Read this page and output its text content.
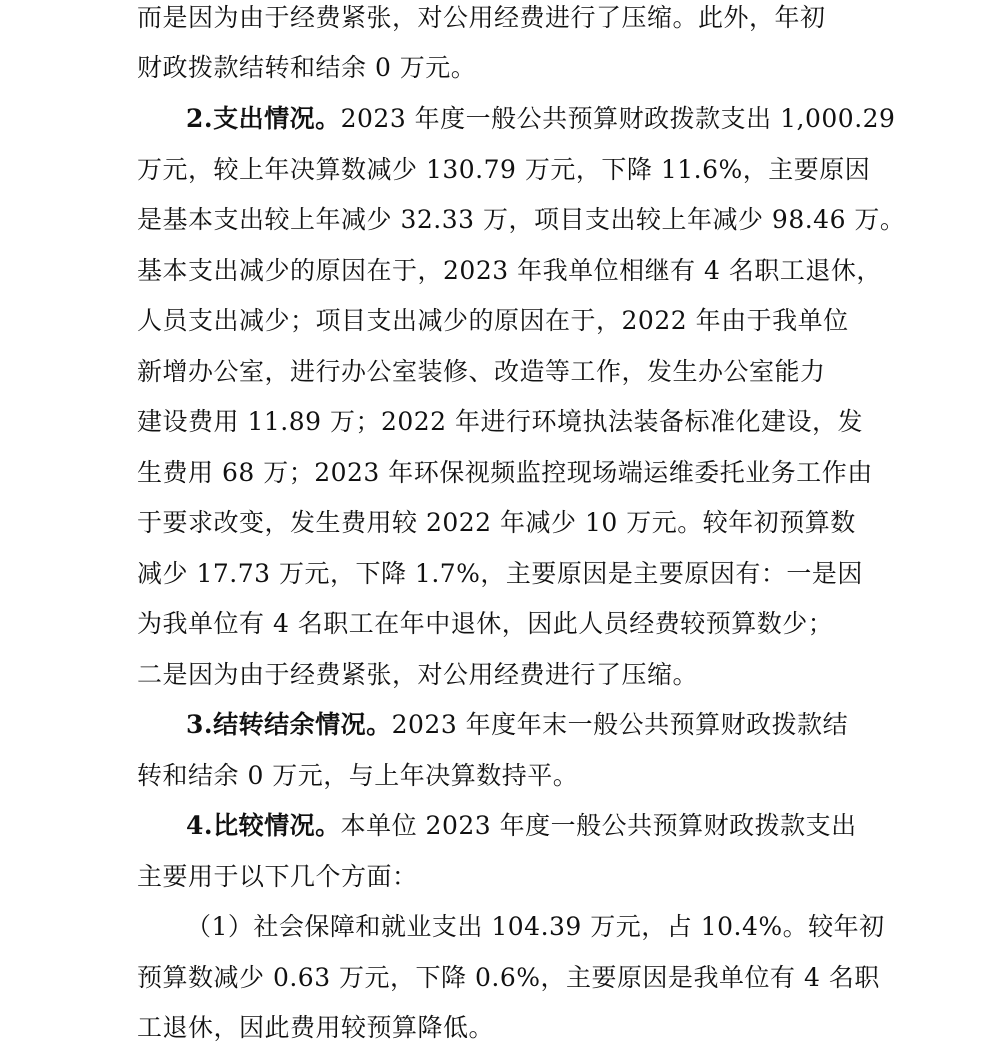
而是因为由于经费紧张，对公用经费进行了压缩。此外，年初
财政拨款结转和结余 0 万元。
2.支出情况。2023 年度一般公共预算财政拨款支出 1,000.29
万元，较上年决算数减少 130.79 万元，下降 11.6%，主要原因
是基本支出较上年减少 32.33 万，项目支出较上年减少 98.46 万。
基本支出减少的原因在于，2023 年我单位相继有 4 名职工退休，
人员支出减少；项目支出减少的原因在于，2022 年由于我单位
新增办公室，进行办公室装修、改造等工作，发生办公室能力
建设费用 11.89 万；2022 年进行环境执法装备标准化建设，发
生费用 68 万；2023 年环保视频监控现场端运维委托业务工作由
于要求改变，发生费用较 2022 年减少 10 万元。较年初预算数
减少 17.73 万元，下降 1.7%，主要原因是主要原因有：一是因
为我单位有 4 名职工在年中退休，因此人员经费较预算数少；
二是因为由于经费紧张，对公用经费进行了压缩。
3.结转结余情况。2023 年度年末一般公共预算财政拨款结
转和结余 0 万元，与上年决算数持平。
4.比较情况。本单位 2023 年度一般公共预算财政拨款支出
主要用于以下几个方面：
（1）社会保障和就业支出 104.39 万元，占 10.4%。较年初
预算数减少 0.63 万元，下降 0.6%，主要原因是我单位有 4 名职
工退休，因此费用较预算降低。
